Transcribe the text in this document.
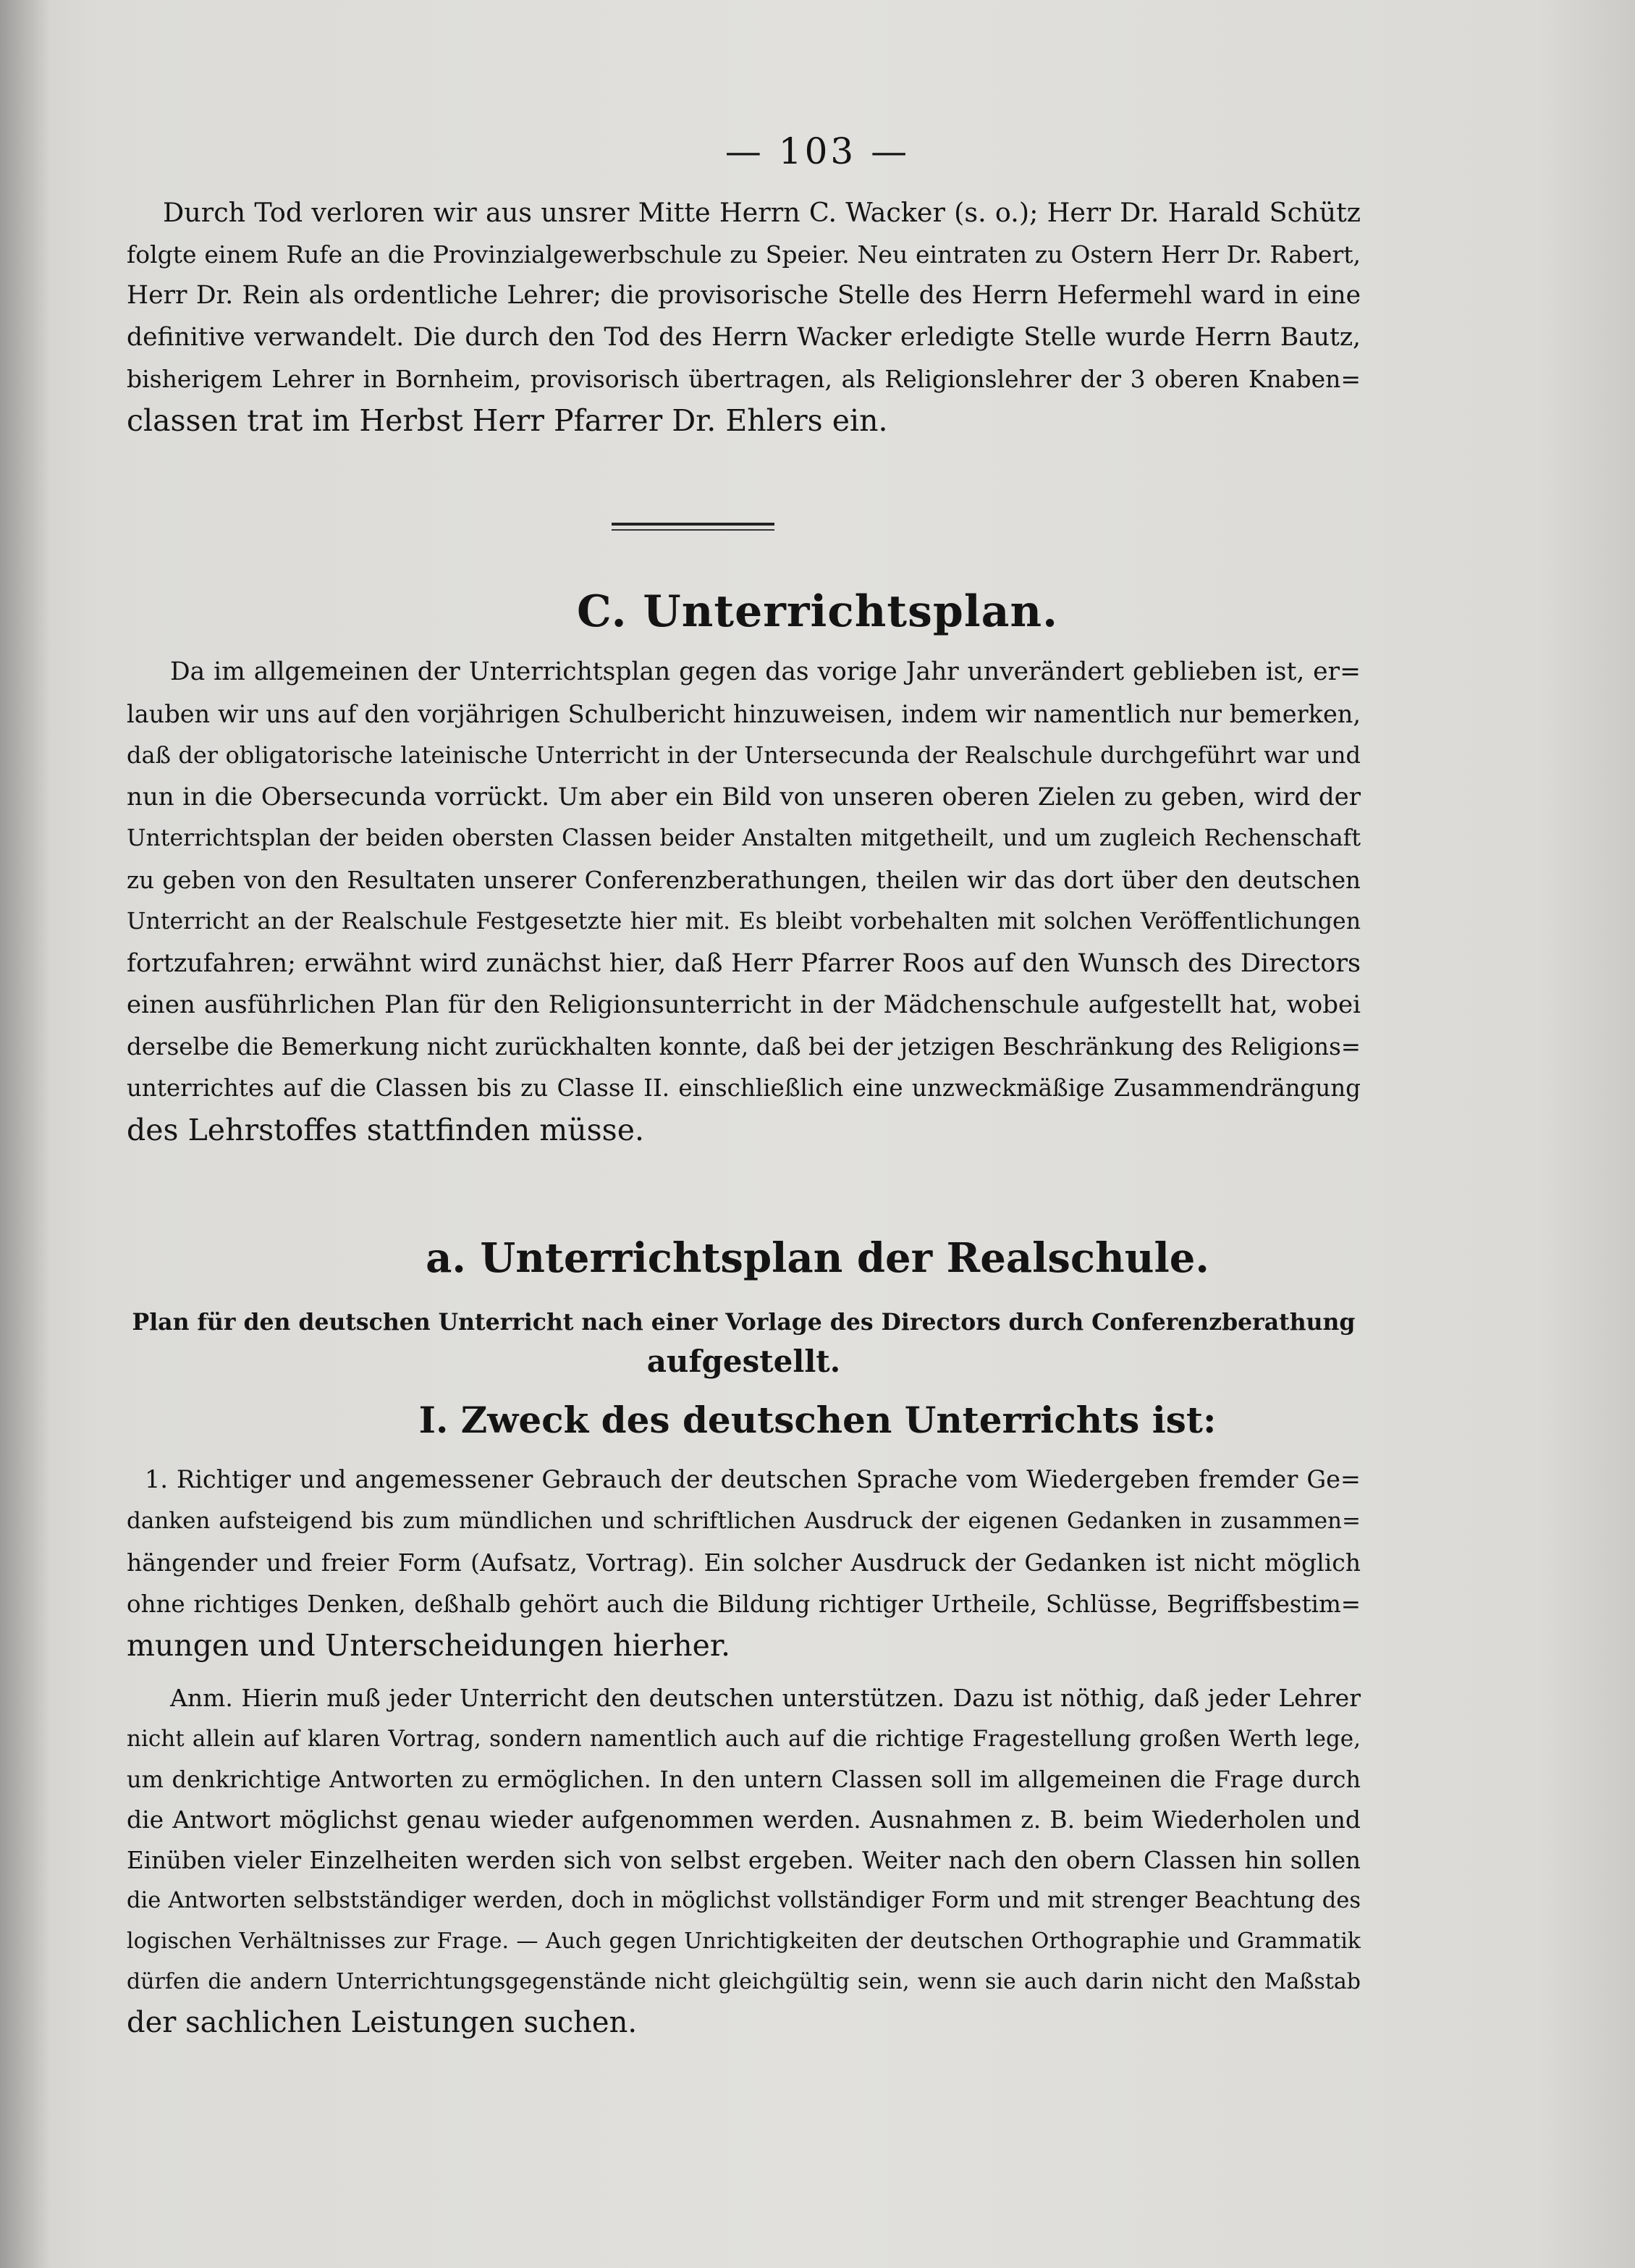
— 103 —

Durch Tod verloren wir aus unsrer Mitte Herrn C. Wacker (s. o.); Herr Dr. Harald Schütz
folgte einem Rufe an die Provinzialgewerbschule zu Speier. Neu eintraten zu Ostern Herr Dr. Rabert,
Herr Dr. Rein als ordentliche Lehrer; die provisorische Stelle des Herrn Hefermehl ward in eine
definitive verwandelt. Die durch den Tod des Herrn Wacker erledigte Stelle wurde Herrn Bautz,
bisherigem Lehrer in Bornheim, provisorisch übertragen, als Religionslehrer der 3 oberen Knaben=
classen trat im Herbst Herr Pfarrer Dr. Ehlers ein.

C. Unterrichtsplan.

Da im allgemeinen der Unterrichtsplan gegen das vorige Jahr unverändert geblieben ist, er=
lauben wir uns auf den vorjährigen Schulbericht hinzuweisen, indem wir namentlich nur bemerken,
daß der obligatorische lateinische Unterricht in der Untersecunda der Realschule durchgeführt war und
nun in die Obersecunda vorrückt. Um aber ein Bild von unseren oberen Zielen zu geben, wird der
Unterrichtsplan der beiden obersten Classen beider Anstalten mitgetheilt, und um zugleich Rechenschaft
zu geben von den Resultaten unserer Conferenzberathungen, theilen wir das dort über den deutschen
Unterricht an der Realschule Festgesetzte hier mit. Es bleibt vorbehalten mit solchen Veröffentlichungen
fortzufahren; erwähnt wird zunächst hier, daß Herr Pfarrer Roos auf den Wunsch des Directors
einen ausführlichen Plan für den Religionsunterricht in der Mädchenschule aufgestellt hat, wobei
derselbe die Bemerkung nicht zurückhalten konnte, daß bei der jetzigen Beschränkung des Religions=
unterrichtes auf die Classen bis zu Classe II. einschließlich eine unzweckmäßige Zusammendrängung
des Lehrstoffes stattfinden müsse.

a. Unterrichtsplan der Realschule.
Plan für den deutschen Unterricht nach einer Vorlage des Directors durch Conferenzberathung
aufgestellt.
I. Zweck des deutschen Unterrichts ist:

1. Richtiger und angemessener Gebrauch der deutschen Sprache vom Wiedergeben fremder Ge=
danken aufsteigend bis zum mündlichen und schriftlichen Ausdruck der eigenen Gedanken in zusammen=
hängender und freier Form (Aufsatz, Vortrag). Ein solcher Ausdruck der Gedanken ist nicht möglich
ohne richtiges Denken, deßhalb gehört auch die Bildung richtiger Urtheile, Schlüsse, Begriffsbestim=
mungen und Unterscheidungen hierher.

Anm. Hierin muß jeder Unterricht den deutschen unterstützen. Dazu ist nöthig, daß jeder Lehrer
nicht allein auf klaren Vortrag, sondern namentlich auch auf die richtige Fragestellung großen Werth lege,
um denkrichtige Antworten zu ermöglichen. In den untern Classen soll im allgemeinen die Frage durch
die Antwort möglichst genau wieder aufgenommen werden. Ausnahmen z. B. beim Wiederholen und
Einüben vieler Einzelheiten werden sich von selbst ergeben. Weiter nach den obern Classen hin sollen
die Antworten selbstständiger werden, doch in möglichst vollständiger Form und mit strenger Beachtung des
logischen Verhältnisses zur Frage. — Auch gegen Unrichtigkeiten der deutschen Orthographie und Grammatik
dürfen die andern Unterrichtungsgegenstände nicht gleichgültig sein, wenn sie auch darin nicht den Maßstab
der sachlichen Leistungen suchen.
